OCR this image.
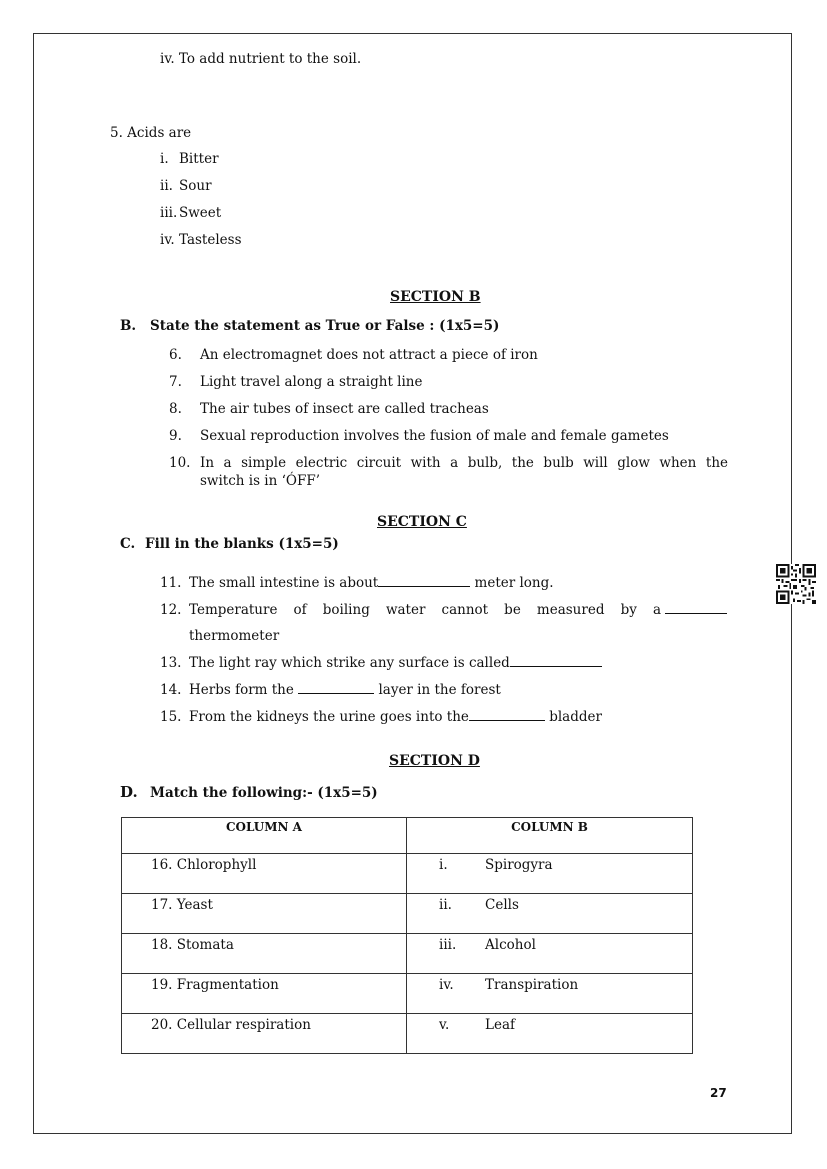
iv. To add nutrient to the soil.
5. Acids are
i. Bitter
ii. Sour
iii. Sweet
iv. Tasteless
SECTION B
B. State the statement as True or False : (1x5=5)
6. An electromagnet does not attract a piece of iron
7. Light travel along a straight line
8. The air tubes of insect are called tracheas
9. Sexual reproduction involves the fusion of male and female gametes
10. In a simple electric circuit with a bulb, the bulb will glow when the
switch is in ‘ÓFF’
SECTION C
C. Fill in the blanks (1x5=5)
11. The small intestine is about	meter long.
12. Temperature of boiling water cannot be measured by a
thermometer
13. The light ray which strike any surface is called
14. Herbs form the	layer in the forest
15. From the kidneys the urine goes into the	bladder
SECTION D
D. Match the following:- (1x5=5)
COLUMN A	COLUMN B
16. Chlorophyll	i. Spirogyra
17. Yeast	ii. Cells
18. Stomata	iii. Alcohol
19. Fragmentation	iv. Transpiration
20. Cellular respiration	v. Leaf
27
